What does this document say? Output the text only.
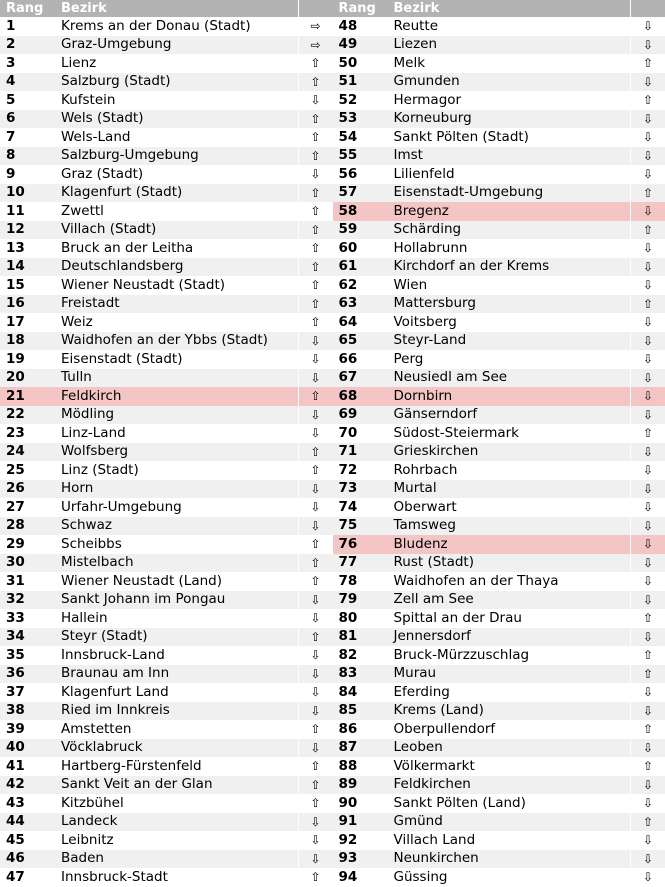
Rang	Bezirk
1	Krems an der Donau (Stadt)	⇨
2	Graz-Umgebung	⇨
3	Lienz	⇧
4	Salzburg (Stadt)	⇧
5	Kufstein	⇩
6	Wels (Stadt)	⇧
7	Wels-Land	⇧
8	Salzburg-Umgebung	⇧
9	Graz (Stadt)	⇩
10	Klagenfurt (Stadt)	⇧
11	Zwettl	⇧
12	Villach (Stadt)	⇧
13	Bruck an der Leitha	⇧
14	Deutschlandsberg	⇧
15	Wiener Neustadt (Stadt)	⇧
16	Freistadt	⇧
17	Weiz	⇧
18	Waidhofen an der Ybbs (Stadt)	⇩
19	Eisenstadt (Stadt)	⇩
20	Tulln	⇩
21	Feldkirch	⇧
22	Mödling	⇩
23	Linz-Land	⇩
24	Wolfsberg	⇧
25	Linz (Stadt)	⇧
26	Horn	⇩
27	Urfahr-Umgebung	⇩
28	Schwaz	⇩
29	Scheibbs	⇧
30	Mistelbach	⇧
31	Wiener Neustadt (Land)	⇧
32	Sankt Johann im Pongau	⇩
33	Hallein	⇩
34	Steyr (Stadt)	⇧
35	Innsbruck-Land	⇩
36	Braunau am Inn	⇩
37	Klagenfurt Land	⇩
38	Ried im Innkreis	⇩
39	Amstetten	⇧
40	Vöcklabruck	⇩
41	Hartberg-Fürstenfeld	⇧
42	Sankt Veit an der Glan	⇧
43	Kitzbühel	⇧
44	Landeck	⇩
45	Leibnitz	⇩
46	Baden	⇩
47	Innsbruck-Stadt	⇧
Rang	Bezirk
48	Reutte	⇩
49	Liezen	⇩
50	Melk	⇧
51	Gmunden	⇩
52	Hermagor	⇧
53	Korneuburg	⇩
54	Sankt Pölten (Stadt)	⇩
55	Imst	⇩
56	Lilienfeld	⇩
57	Eisenstadt-Umgebung	⇧
58	Bregenz	⇩
59	Schärding	⇧
60	Hollabrunn	⇩
61	Kirchdorf an der Krems	⇩
62	Wien	⇩
63	Mattersburg	⇧
64	Voitsberg	⇩
65	Steyr-Land	⇩
66	Perg	⇩
67	Neusiedl am See	⇩
68	Dornbirn	⇩
69	Gänserndorf	⇩
70	Südost-Steiermark	⇧
71	Grieskirchen	⇩
72	Rohrbach	⇩
73	Murtal	⇩
74	Oberwart	⇩
75	Tamsweg	⇩
76	Bludenz	⇩
77	Rust (Stadt)	⇩
78	Waidhofen an der Thaya	⇩
79	Zell am See	⇩
80	Spittal an der Drau	⇧
81	Jennersdorf	⇩
82	Bruck-Mürzzuschlag	⇧
83	Murau	⇧
84	Eferding	⇩
85	Krems (Land)	⇩
86	Oberpullendorf	⇧
87	Leoben	⇩
88	Völkermarkt	⇧
89	Feldkirchen	⇩
90	Sankt Pölten (Land)	⇩
91	Gmünd	⇧
92	Villach Land	⇩
93	Neunkirchen	⇩
94	Güssing	⇩
